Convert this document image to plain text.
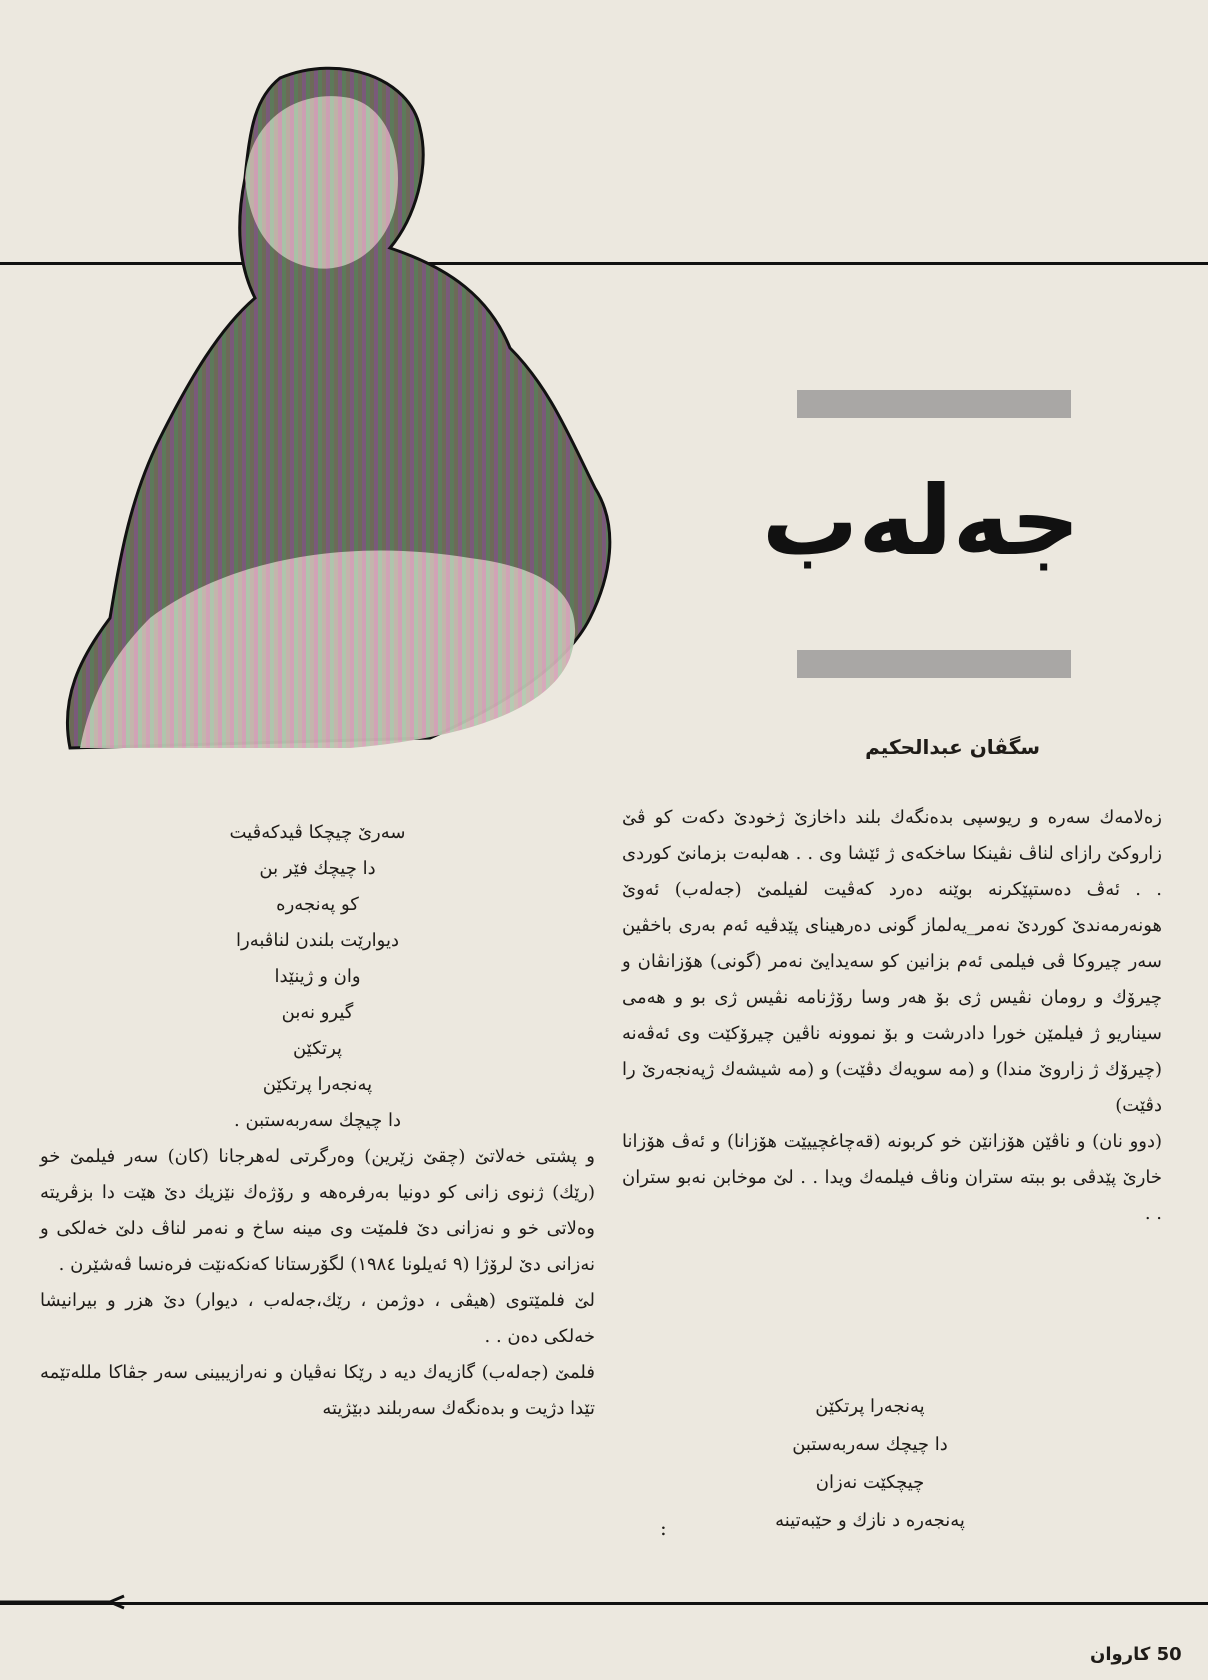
جەلەب
سگڤان عبدالحكيم
سەرێ چیچكا ڤیدكەڤیت
دا چیچك فێر بن
كو پەنجەرە
دیوارێت بلندن لناڤبەرا
وان و ژینێدا
گیرو نەبن
پرتكێن
پەنجەرا پرتكێن
دا چیچك سەربەستبن .

و پشتی خەلاتێ (چقێ زێرین) وەرگرتی لەهرجانا (كان) سەر فیلمێ خو (رێك) ژنوی زانی كو دونیا بەرفرەهە و رۆژەك نێزیك دێ هێت دا بزڤریتە وەلاتی خو و نەزانی دێ فلمێت وی مینە ساخ و نەمر لناڤ دلێ خەلكی و نەزانی دێ لرۆژا (٩ ئەیلونا ١٩٨٤) لگۆرستانا كەنكەنێت فرەنسا ڤەشێرن .

لێ فلمێتوی (هیڤی ، دوژمن ، رێك،جەلەب ، دیوار) دێ هزر و بیرانیشا خەلكی دەن . .

فلمێ (جەلەب) گازیەك دیە د رێكا نەڤیان و نەرازیبینی سەر جڤاكا مللەتێمە تێدا دژیت و بدەنگەك سەربلند دبێژیتە

زەلامەك سەرە و ریوسپی بدەنگەك بلند داخازێ ژخودێ دكەت كو ڤێ زاروكێ رازای لناڤ نڤینكا ساخكەی ژ ئێشا وی . . هەلبەت بزمانێ كوردی . . ئەڤ دەستپێكرنە بوێنە دەرد كەڤیت لفیلمێ (جەلەب) ئەوێ هونەرمەندێ كوردێ نەمر_یەلماز گونی دەرهینای پێدڤیە ئەم بەری باخڤین سەر چیروكا ڤی فیلمی ئەم بزانین كو سەیدایێ نەمر (گونی) هۆزانڤان و چیرۆك و رومان نڤیس ژی بۆ هەر وسا رۆژنامە نڤیس ژی بو و هەمی سیناریو ژ فیلمێن خورا دادرشت و بۆ نموونە ناڤین چیرۆكێت وی ئەڤەنە (چیرۆك ژ زاروێ مندا) و (مە سویەك دڤێت) و (مە شیشەك ژپەنجەرێ را دڤێت)

(دوو نان) و ناڤێن هۆزانێن خو كربونە (قەچاغچییێت هۆزانا) و ئەڤ هۆزانا خارێ پێدڤی بو ببتە ستران وناڤ فیلمەك ویدا . . لێ موخابن نەبو ستران . .

پەنجەرا پرتكێن
دا چیچك سەربەستبن
چیچكێت نەزان
پەنجەرە د نازك و حێبەتینە
:
50 كاروان
